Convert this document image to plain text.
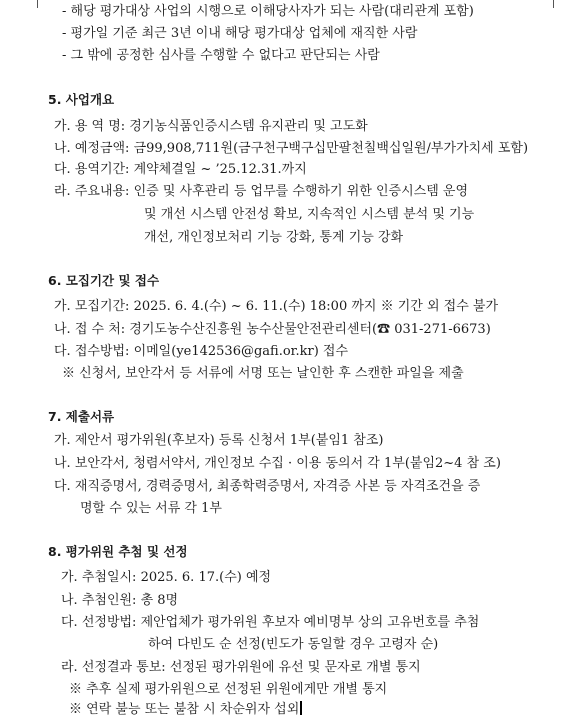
- 해당 평가대상 사업의 시행으로 이해당사자가 되는 사람(대리관계 포함)
- 평가일 기준 최근 3년 이내 해당 평가대상 업체에 재직한 사람
- 그 밖에 공정한 심사를 수행할 수 없다고 판단되는 사람
5. 사업개요
가. 용 역 명: 경기농식품인증시스템 유지관리 및 고도화
나. 예정금액: 금99,908,711원(금구천구백구십만팔천칠백십일원/부가가치세 포함)
다. 용역기간: 계약체결일 ~ ’25.12.31.까지
라. 주요내용: 인증 및 사후관리 등 업무를 수행하기 위한 인증시스템 운영
및 개선 시스템 안전성 확보, 지속적인 시스템 분석 및 기능
개선, 개인정보처리 기능 강화, 통계 기능 강화
6. 모집기간 및 접수
가. 모집기간: 2025. 6. 4.(수) ~ 6. 11.(수) 18:00 까지 ※ 기간 외 접수 불가
나. 접 수 처: 경기도농수산진흥원 농수산물안전관리센터(☎ 031-271-6673)
다. 접수방법: 이메일(ye142536@gafi.or.kr) 접수
※ 신청서, 보안각서 등 서류에 서명 또는 날인한 후 스캔한 파일을 제출
7. 제출서류
가. 제안서 평가위원(후보자) 등록 신청서 1부(붙임1 참조)
나. 보안각서, 청렴서약서, 개인정보 수집 · 이용 동의서 각 1부(붙임2~4 참 조)
다. 재직증명서, 경력증명서, 최종학력증명서, 자격증 사본 등 자격조건을 증
명할 수 있는 서류 각 1부
8. 평가위원 추첨 및 선정
가. 추첨일시: 2025. 6. 17.(수) 예정
나. 추첨인원: 총 8명
다. 선정방법: 제안업체가 평가위원 후보자 예비명부 상의 고유번호를 추첨
하여 다빈도 순 선정(빈도가 동일할 경우 고령자 순)
라. 선정결과 통보: 선정된 평가위원에 유선 및 문자로 개별 통지
※ 추후 실제 평가위원으로 선정된 위원에게만 개별 통지
※ 연락 불능 또는 불참 시 차순위자 섭외
